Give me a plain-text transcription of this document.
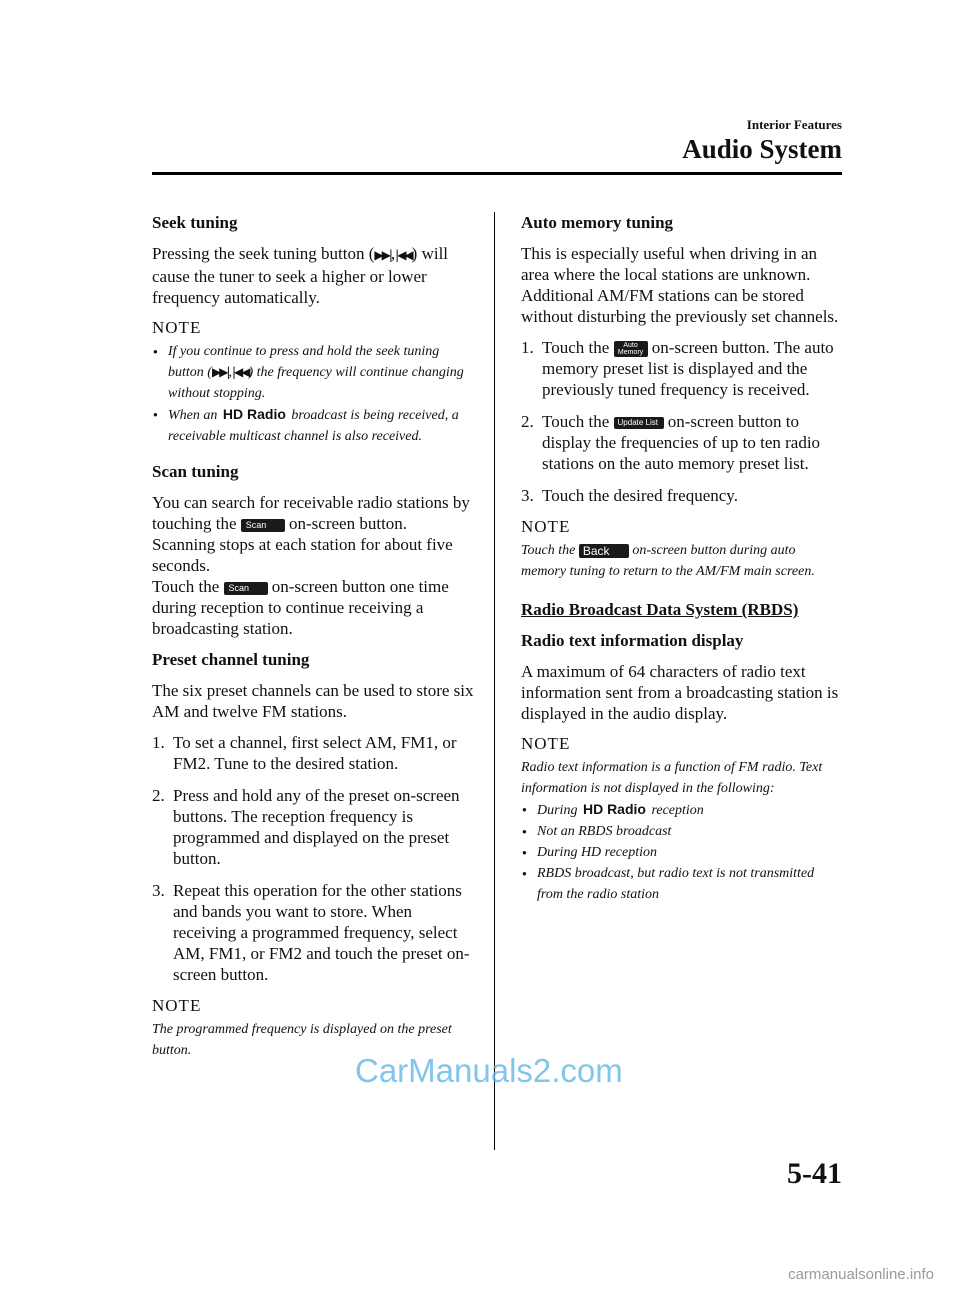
Interior Features
Audio System
Seek tuning

Pressing the seek tuning button (▶▶|,|◀◀) will cause the tuner to seek a higher or lower frequency automatically.

NOTE
● If you continue to press and hold the seek tuning button (▶▶|,|◀◀) the frequency will continue changing without stopping.
● When an HD Radio broadcast is being received, a receivable multicast channel is also received.
Scan tuning

You can search for receivable radio stations by touching the Scan on-screen button.

Scanning stops at each station for about five seconds.

Touch the Scan on-screen button one time during reception to continue receiving a broadcasting station.

Preset channel tuning

The six preset channels can be used to store six AM and twelve FM stations.

1. To set a channel, first select AM, FM1, or FM2. Tune to the desired station.
2. Press and hold any of the preset on-screen buttons. The reception frequency is programmed and displayed on the preset button.
3. Repeat this operation for the other stations and bands you want to store. When receiving a programmed frequency, select AM, FM1, or FM2 and touch the preset on-screen button.
NOTE

The programmed frequency is displayed on the preset button.

Auto memory tuning

This is especially useful when driving in an area where the local stations are unknown. Additional AM/FM stations can be stored without disturbing the previously set channels.

1. Touch the Auto
Memory on-screen button. The auto memory preset list is displayed and the previously tuned frequency is received.
2. Touch the Update List on-screen button to display the frequencies of up to ten radio stations on the auto memory preset list.
3. Touch the desired frequency.
NOTE

Touch the Back on-screen button during auto memory tuning to return to the AM/FM main screen.

Radio Broadcast Data System (RBDS)
Radio text information display

A maximum of 64 characters of radio text information sent from a broadcasting station is displayed in the audio display.

NOTE

Radio text information is a function of FM radio. Text information is not displayed in the following:

● During HD Radio reception
● Not an RBDS broadcast
● During HD reception
● RBDS broadcast, but radio text is not transmitted from the radio station
CarManuals2.com
5-41
carmanualsonline.info
